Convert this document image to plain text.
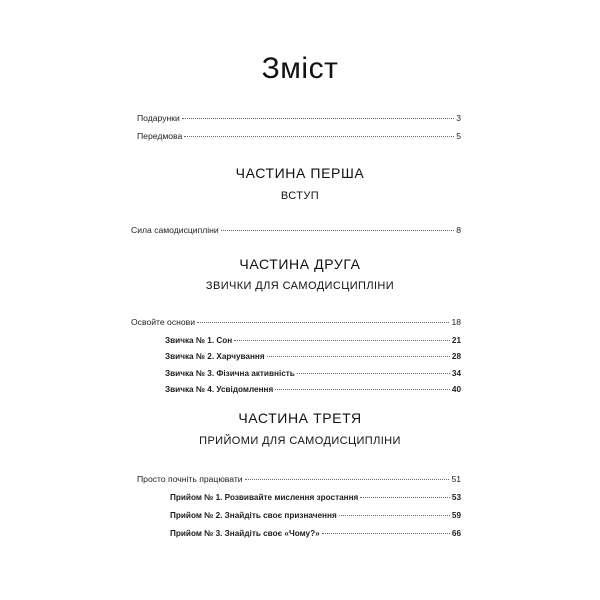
Зміст
Подарунки	3
Передмова	5
ЧАСТИНА ПЕРША
ВСТУП
Сила самодисципліни	8
ЧАСТИНА ДРУГА
ЗВИЧКИ ДЛЯ САМОДИСЦИПЛІНИ
Освойте основи	18
Звичка № 1. Сон	21
Звичка № 2. Харчування	28
Звичка № 3. Фізична активність	34
Звичка № 4. Усвідомлення	40
ЧАСТИНА ТРЕТЯ
ПРИЙОМИ ДЛЯ САМОДИСЦИПЛІНИ
Просто почніть працювати	51
Прийом № 1. Розвивайте мислення зростання	53
Прийом № 2. Знайдіть своє призначення	59
Прийом № 3. Знайдіть своє «Чому?»	66
